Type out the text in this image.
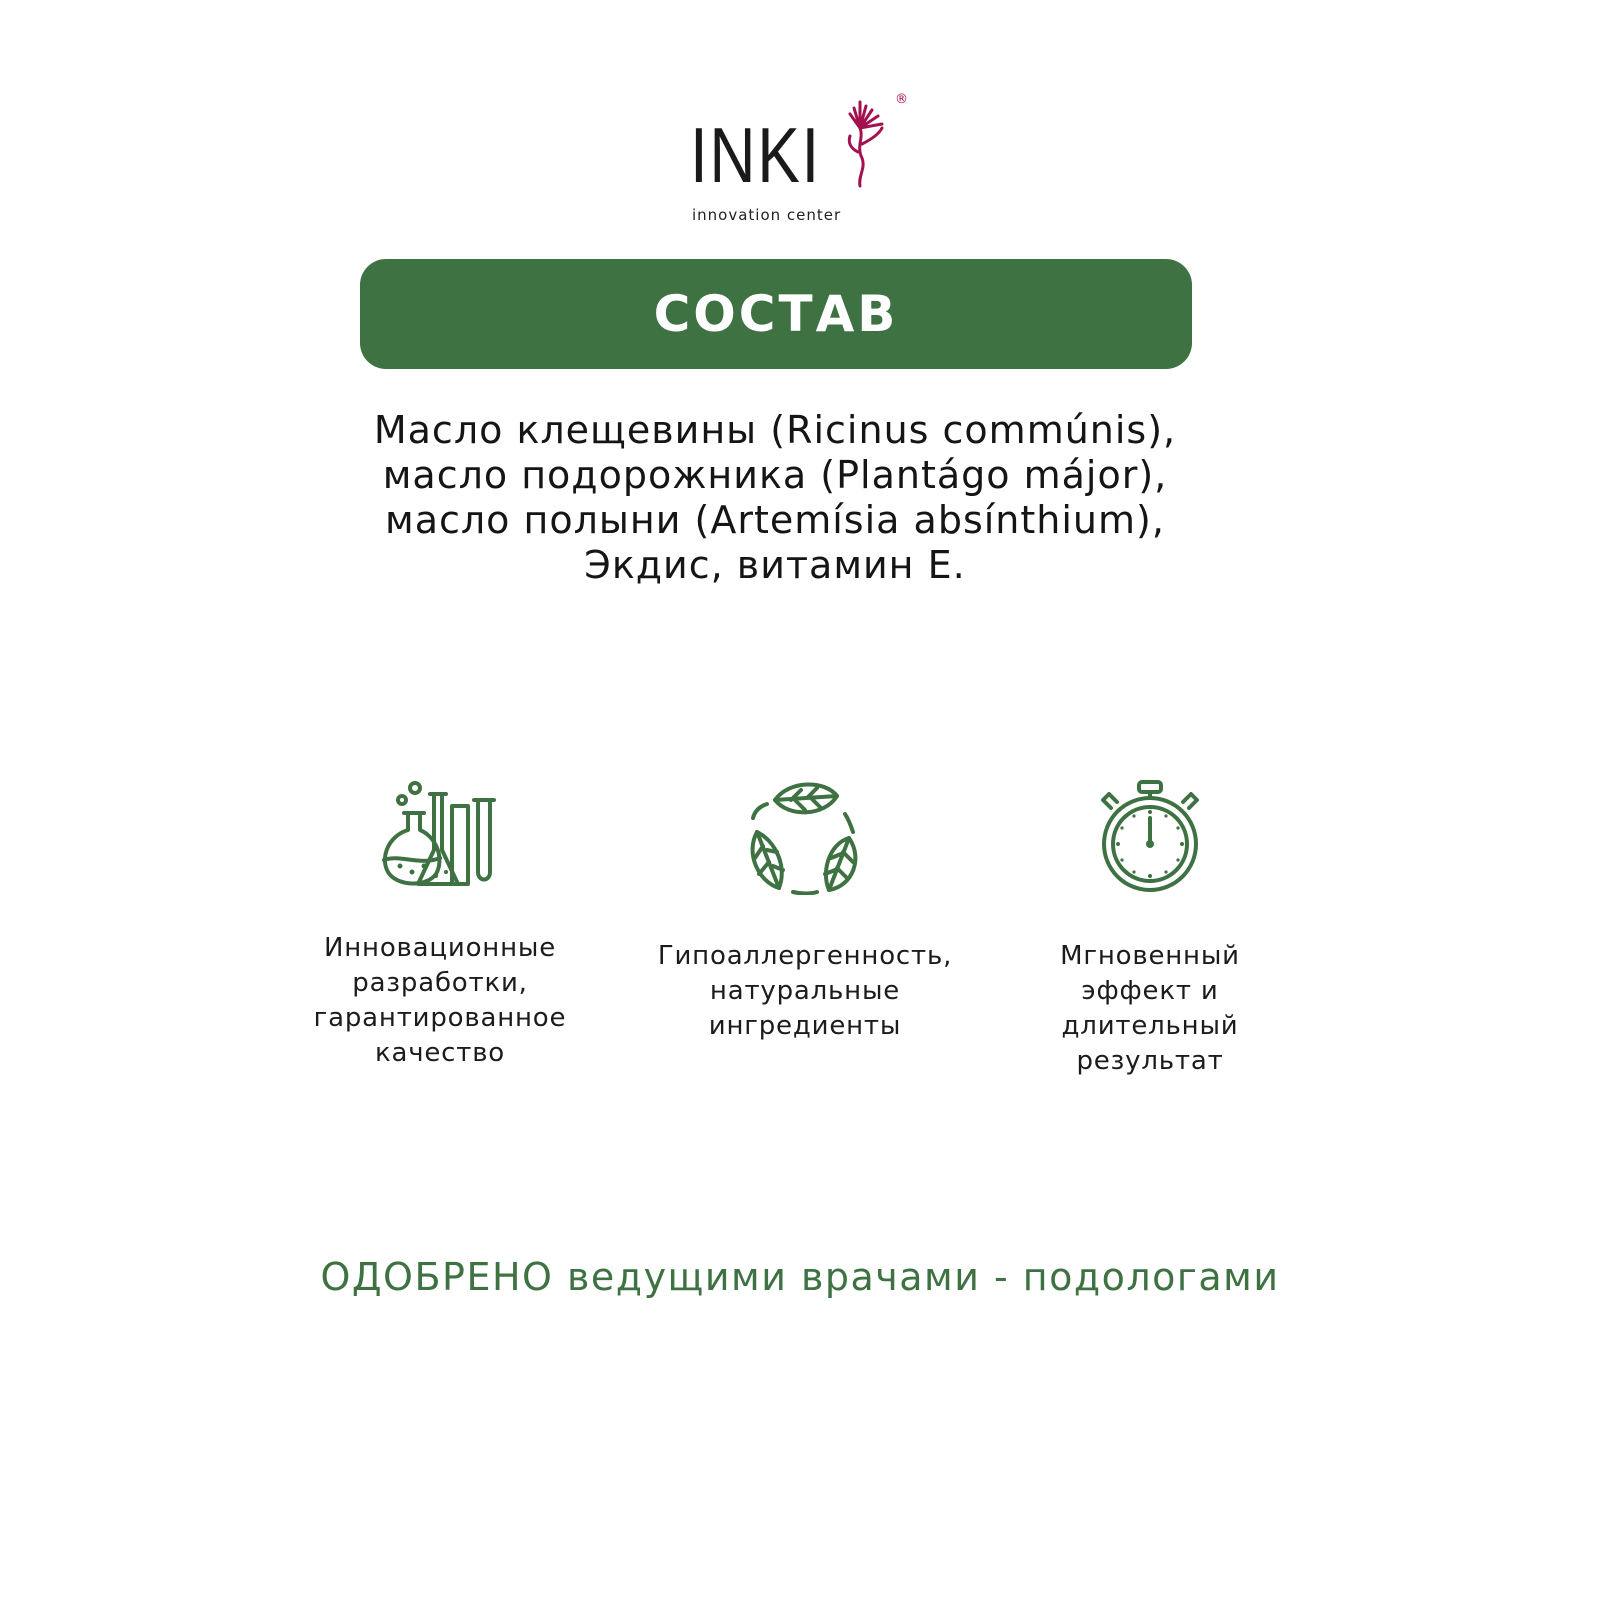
INKI
®
innovation center
СОСТАВ
Масло клещевины (Ricinus commúnis),
масло подорожника (Plantágo májor),
масло полыни (Artemísia absínthium),
Экдис, витамин Е.
Инновационные
разработки,
гарантированное
качество
Гипоаллергенность,
натуральные
ингредиенты
Мгновенный
эффект и
длительный
результат
ОДОБРЕНО ведущими врачами - подологами
